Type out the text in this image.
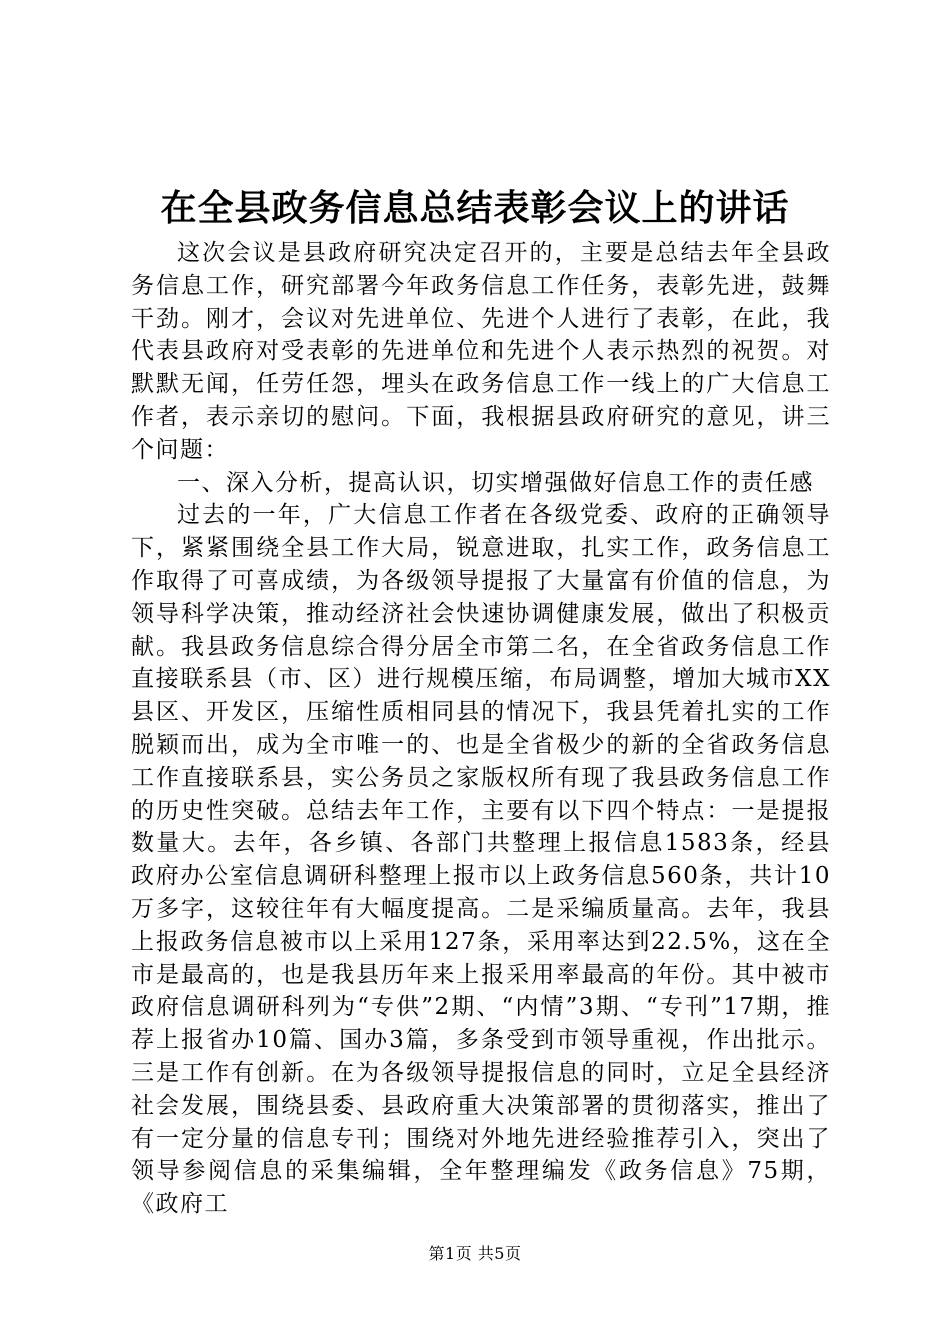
在全县政务信息总结表彰会议上的讲话

这次会议是县政府研究决定召开的，主要是总结去年全县政务信息工作，研究部署今年政务信息工作任务，表彰先进，鼓舞干劲。刚才，会议对先进单位、先进个人进行了表彰，在此，我代表县政府对受表彰的先进单位和先进个人表示热烈的祝贺。对默默无闻，任劳任怨，埋头在政务信息工作一线上的广大信息工作者，表示亲切的慰问。下面，我根据县政府研究的意见，讲三个问题：

一、深入分析，提高认识，切实增强做好信息工作的责任感

过去的一年，广大信息工作者在各级党委、政府的正确领导下，紧紧围绕全县工作大局，锐意进取，扎实工作，政务信息工作取得了可喜成绩，为各级领导提报了大量富有价值的信息，为领导科学决策，推动经济社会快速协调健康发展，做出了积极贡献。我县政务信息综合得分居全市第二名，在全省政务信息工作直接联系县（市、区）进行规模压缩，布局调整，增加大城市XX县区、开发区，压缩性质相同县的情况下，我县凭着扎实的工作脱颖而出，成为全市唯一的、也是全省极少的新的全省政务信息工作直接联系县，实公务员之家版权所有现了我县政务信息工作的历史性突破。总结去年工作，主要有以下四个特点：一是提报数量大。去年，各乡镇、各部门共整理上报信息1583条，经县政府办公室信息调研科整理上报市以上政务信息560条，共计10万多字，这较往年有大幅度提高。二是采编质量高。去年，我县上报政务信息被市以上采用127条，采用率达到22.5%，这在全市是最高的，也是我县历年来上报采用率最高的年份。其中被市政府信息调研科列为“专供”2期、“内情”3期、“专刊”17期，推荐上报省办10篇、国办3篇，多条受到市领导重视，作出批示。三是工作有创新。在为各级领导提报信息的同时，立足全县经济社会发展，围绕县委、县政府重大决策部署的贯彻落实，推出了有一定分量的信息专刊；围绕对外地先进经验推荐引入，突出了领导参阅信息的采集编辑，全年整理编发《政务信息》75期，《政府工

第1页 共5页
